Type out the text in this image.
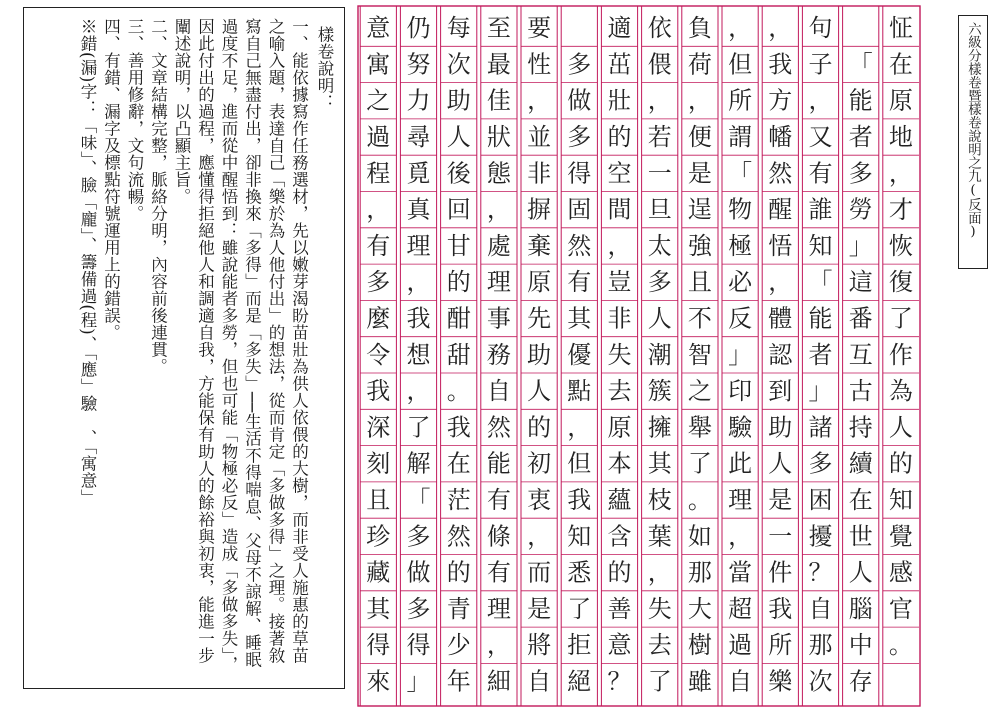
六級分樣卷暨樣卷說明之九(反面)
怔
在
原
地
，
才
恢
復
了
作
為
人
的
知
覺
感
官
。
「
能
者
多
勞
」
這
番
互
古
持
續
在
世
人
腦
中
存
句
子
，
又
有
誰
知
「
能
者
」
諸
多
困
擾
？
自
那
次
，
我
方
幡
然
醒
悟
，
體
認
到
助
人
是
一
件
我
所
樂
，
但
所
謂
「
物
極
必
反
」
印
驗
此
理
，
當
超
過
自
負
荷
，
便
是
逞
強
且
不
智
之
舉
了
。
如
那
大
樹
雖
依
偎
，
若
一
旦
太
多
人
潮
簇
擁
其
枝
葉
，
失
去
了
適
茁
壯
的
空
間
，
豈
非
失
去
原
本
蘊
含
的
善
意
？
多
做
多
得
固
然
有
其
優
點
，
但
我
知
悉
了
拒
絕
要
性
，
並
非
摒
棄
原
先
助
人
的
初
衷
，
而
是
將
自
至
最
佳
狀
態
，
處
理
事
務
自
然
能
有
條
有
理
，
細
每
次
助
人
後
回
甘
的
酣
甜
。
我
在
茫
然
的
青
少
年
仍
努
力
尋
覓
真
理
，
我
想
，
了
解
「
多
做
多
得
」
意
寓
之
過
程
，
有
多
麼
令
我
深
刻
且
珍
藏
其
得
來
樣卷說明：
一、能依據寫作任務選材，先以嫩芽渴盼苗壯為供人依偎的大樹，而非受人施惠的草苗之喻入題，表達自己「樂於為人他付出」的想法，從而肯定「多做多得」之理。接著敘寫自己無盡付出，卻非換來「多得」而是「多失」──生活不得喘息、父母不諒解、睡眠過度不足，進而從中醒悟到：雖說能者多勞，但也可能「物極必反」造成「多做多失」，因此付出的過程，應懂得拒絕他人和調適自我，方能保有助人的餘裕與初衷，能進一步闡述說明，以凸顯主旨。
二、文章結構完整，脈絡分明，內容前後連貫。
三、善用修辭，文句流暢。
四、有錯、漏字及標點符號運用上的錯誤。
※錯(漏)字：「味」、臉「龐」、籌備過(程)、「應」驗　、「寓意」
